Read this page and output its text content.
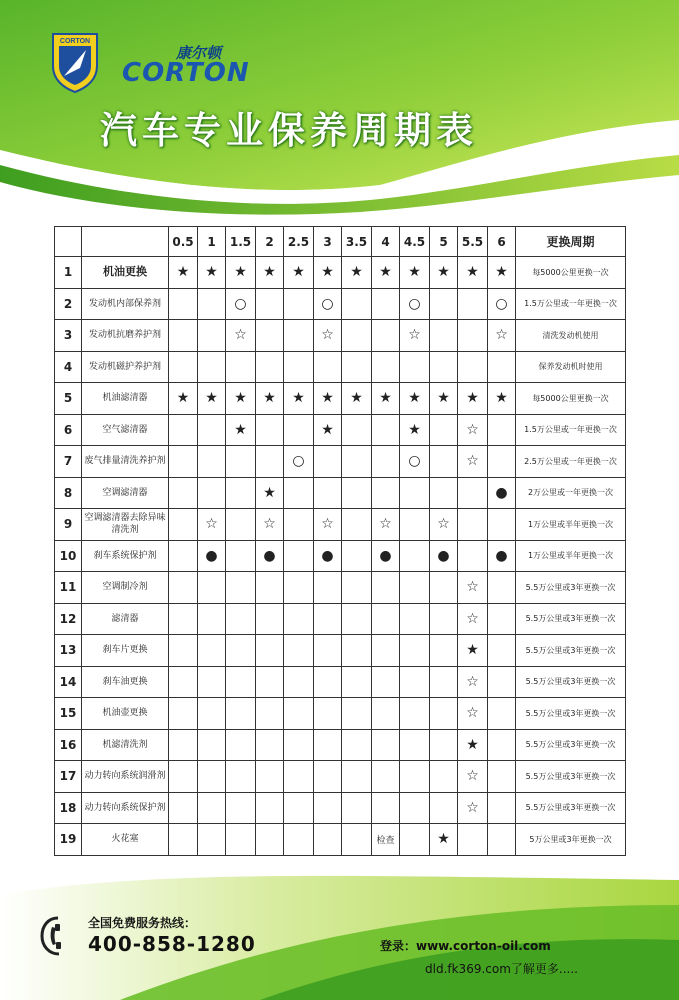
CORTON
康尔顿
CORTON
汽车专业保养周期表
		0.5	1	1.5	2	2.5	3	3.5	4	4.5	5	5.5	6	更换周期
1	机油更换	★	★	★	★	★	★	★	★	★	★	★	★	每5000公里更换一次
2	发动机内部保养剂			○			○			○			○	1.5万公里或一年更换一次
3	发动机抗磨养护剂			☆			☆			☆			☆	清洗发动机使用
4	发动机磁护养护剂													保养发动机时使用
5	机油滤清器	★	★	★	★	★	★	★	★	★	★	★	★	每5000公里更换一次
6	空气滤清器			★			★			★		☆		1.5万公里或一年更换一次
7	废气排量清洗养护剂					○				○		☆		2.5万公里或一年更换一次
8	空调滤清器				★								●	2万公里或一年更换一次
9	空调滤清器去除异味清洗剂		☆		☆		☆		☆		☆			1万公里或半年更换一次
10	刹车系统保护剂		●		●		●		●		●		●	1万公里或半年更换一次
11	空调制冷剂											☆		5.5万公里或3年更换一次
12	滤清器											☆		5.5万公里或3年更换一次
13	刹车片更换											★		5.5万公里或3年更换一次
14	刹车油更换											☆		5.5万公里或3年更换一次
15	机油壶更换											☆		5.5万公里或3年更换一次
16	机滤清洗剂											★		5.5万公里或3年更换一次
17	动力转向系统润滑剂											☆		5.5万公里或3年更换一次
18	动力转向系统保护剂											☆		5.5万公里或3年更换一次
19	火花塞								检查		★			5万公里或3年更换一次
全国免费服务热线：
400-858-1280	登录：www.corton-oil.com
dld.fk369.com了解更多.....
